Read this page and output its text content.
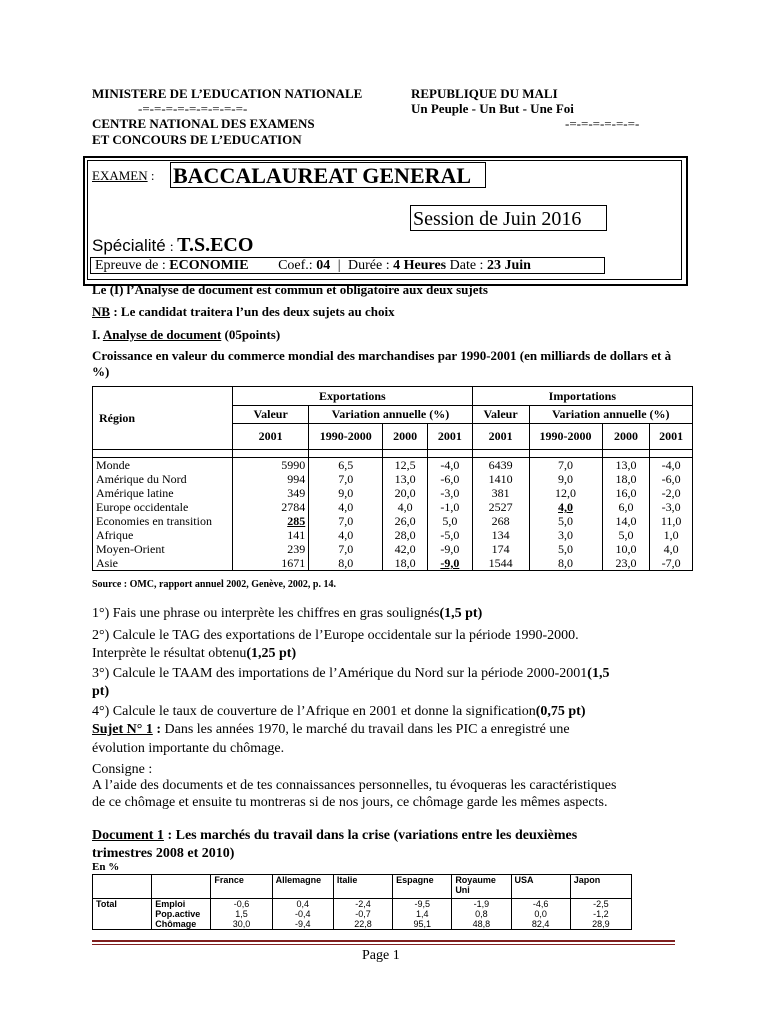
MINISTERE DE L’EDUCATION NATIONALE
-=-=-=-=-=-=-=-=-=-
CENTRE NATIONAL DES EXAMENS
ET CONCOURS DE L’EDUCATION
REPUBLIQUE DU MALI
Un Peuple - Un But - Une Foi
-=-=-=-=-=-=-
EXAMEN : BACCALAUREAT GENERAL
Session de Juin 2016
Spécialité : T.S.ECO
Epreuve de : ECONOMIE Coef.: 04 | Durée : 4 Heures Date : 23 Juin
Le (I) l’Analyse de document est commun et obligatoire aux deux sujets
NB : Le candidat traitera l’un des deux sujets au choix
I. Analyse de document (05points)
Croissance en valeur du commerce mondial des marchandises par 1990-2001 (en milliards de dollars et à %)
Région	Exportations				Importations			
	Valeur	Variation annuelle (%)			Valeur	Variation annuelle (%)		
	2001	1990-2000	2000	2001	2001	1990-2000	2000	2001

Monde	5990	6,5	12,5	-4,0	6439	7,0	13,0	-4,0
Amérique du Nord	994	7,0	13,0	-6,0	1410	9,0	18,0	-6,0
Amérique latine	349	9,0	20,0	-3,0	381	12,0	16,0	-2,0
Europe occidentale	2784	4,0	4,0	-1,0	2527	4,0	6,0	-3,0
Economies en transition	285	7,0	26,0	5,0	268	5,0	14,0	11,0
Afrique	141	4,0	28,0	-5,0	134	3,0	5,0	1,0
Moyen-Orient	239	7,0	42,0	-9,0	174	5,0	10,0	4,0
Asie	1671	8,0	18,0	-9,0	1544	8,0	23,0	-7,0
Source : OMC, rapport annuel 2002, Genève, 2002, p. 14.
1°) Fais une phrase ou interprète les chiffres en gras soulignés(1,5 pt)
2°) Calcule le TAG des exportations de l’Europe occidentale sur la période 1990-2000.
Interprète le résultat obtenu(1,25 pt)
3°) Calcule le TAAM des importations de l’Amérique du Nord sur la période 2000-2001(1,5
pt)
4°) Calcule le taux de couverture de l’Afrique en 2001 et donne la signification(0,75 pt)
Sujet N° 1 : Dans les années 1970, le marché du travail dans les PIC a enregistré une
évolution importante du chômage.
Consigne :
A l’aide des documents et de tes connaissances personnelles, tu évoqueras les caractéristiques
de ce chômage et ensuite tu montreras si de nos jours, ce chômage garde les mêmes aspects.
Document 1 : Les marchés du travail dans la crise (variations entre les deuxièmes
trimestres 2008 et 2010)
En %
		France	Allemagne	Italie	Espagne	Royaume Uni	USA	Japon
Total	Emploi	-0,6	0,4	-2,4	-9,5	-1,9	-4,6	-2,5
	Pop.active	1,5	-0,4	-0,7	1,4	0,8	0,0	-1,2
	Chômage	30,0	-9,4	22,8	95,1	48,8	82,4	28,9
Page 1
